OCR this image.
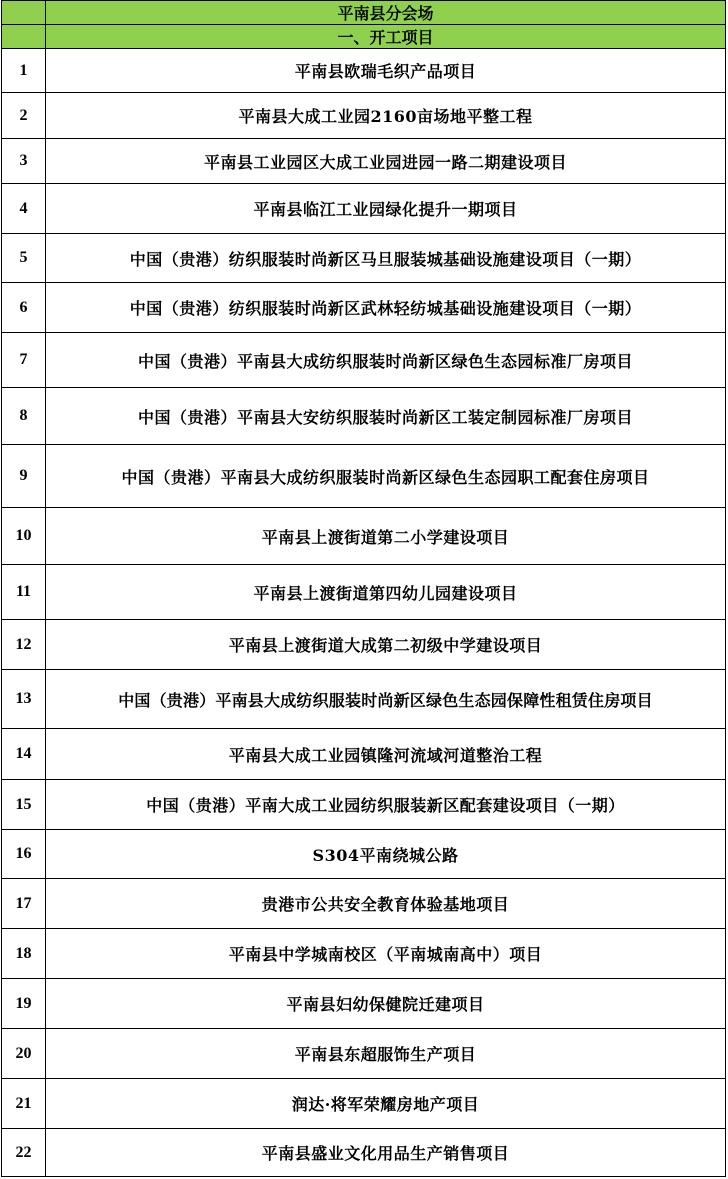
	平南县分会场
	一、开工项目
1	平南县欧瑞毛织产品项目
2	平南县大成工业园2160亩场地平整工程
3	平南县工业园区大成工业园进园一路二期建设项目
4	平南县临江工业园绿化提升一期项目
5	中国（贵港）纺织服装时尚新区马旦服装城基础设施建设项目（一期）
6	中国（贵港）纺织服装时尚新区武林轻纺城基础设施建设项目（一期）
7	中国（贵港）平南县大成纺织服装时尚新区绿色生态园标准厂房项目
8	中国（贵港）平南县大安纺织服装时尚新区工装定制园标准厂房项目
9	中国（贵港）平南县大成纺织服装时尚新区绿色生态园职工配套住房项目
10	平南县上渡街道第二小学建设项目
11	平南县上渡街道第四幼儿园建设项目
12	平南县上渡街道大成第二初级中学建设项目
13	中国（贵港）平南县大成纺织服装时尚新区绿色生态园保障性租赁住房项目
14	平南县大成工业园镇隆河流域河道整治工程
15	中国（贵港）平南大成工业园纺织服装新区配套建设项目（一期）
16	S304平南绕城公路
17	贵港市公共安全教育体验基地项目
18	平南县中学城南校区（平南城南高中）项目
19	平南县妇幼保健院迁建项目
20	平南县东超服饰生产项目
21	润达·将军荣耀房地产项目
22	平南县盛业文化用品生产销售项目
